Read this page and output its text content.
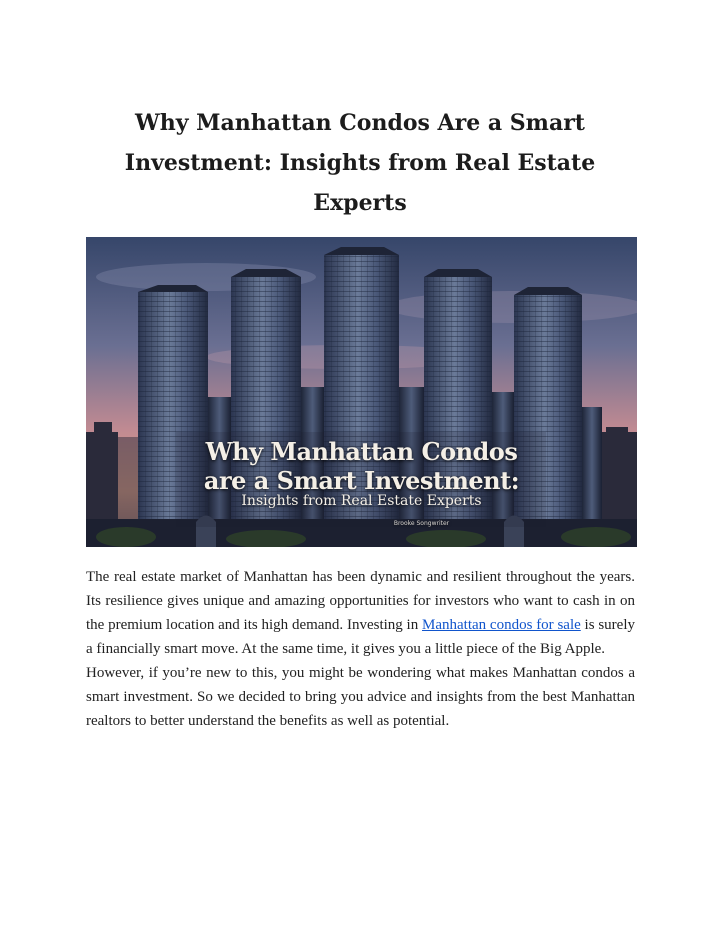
Why Manhattan Condos Are a Smart Investment: Insights from Real Estate Experts
Why Manhattan Condos
are a Smart Investment:
Insights from Real Estate Experts
Brooke Songwriter

The real estate market of Manhattan has been dynamic and resilient throughout the years. Its resilience gives unique and amazing opportunities for investors who want to cash in on the premium location and its high demand. Investing in Manhattan condos for sale is surely a financially smart move. At the same time, it gives you a little piece of the Big Apple.

However, if you’re new to this, you might be wondering what makes Manhattan condos a smart investment. So we decided to bring you advice and insights from the best Manhattan realtors to better understand the benefits as well as potential.
